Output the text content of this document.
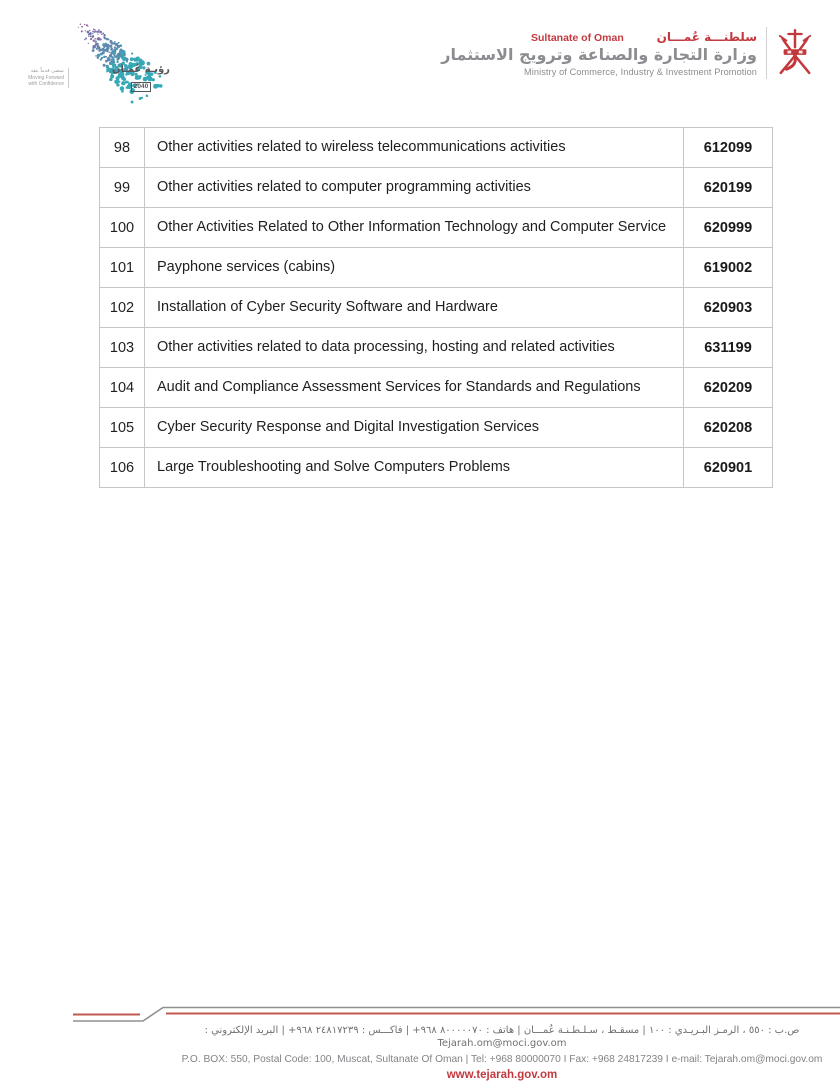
نمضي قدماً بثقة
Moving Forward
with Confidence
رؤيـة عُمـان
2040
Sultanate of Oman	سلطنـــة عُمـــان
وزارة التجارة والصناعة وترويج الاستثمار
Ministry of Commerce, Industry & Investment Promotion
98	Other activities related to wireless telecommunications activities	612099
99	Other activities related to computer programming activities	620199
100	Other Activities Related to Other Information Technology and Computer Service	620999
101	Payphone services (cabins)	619002
102	Installation of Cyber Security Software and Hardware	620903
103	Other activities related to data processing, hosting and related activities	631199
104	Audit and Compliance Assessment Services for Standards and Regulations	620209
105	Cyber Security Response and Digital Investigation Services	620208
106	Large Troubleshooting and Solve Computers Problems	620901
ص.ب : ٥٥٠ ، الرمـز البـريـدي : ١٠٠ | مسقـط ، سـلـطـنـة عُمـــان | هاتف : ٨٠٠٠٠٠٧٠ ٩٦٨+ | فاكـــس : ٢٤٨١٧٢٣٩ ٩٦٨+ | البريد الإلكتروني : Tejarah.om@moci.gov.om
P.O. BOX: 550, Postal Code: 100, Muscat, Sultanate Of Oman | Tel: +968 80000070 I Fax: +968 24817239 I e-mail: Tejarah.om@moci.gov.om
www.tejarah.gov.om
